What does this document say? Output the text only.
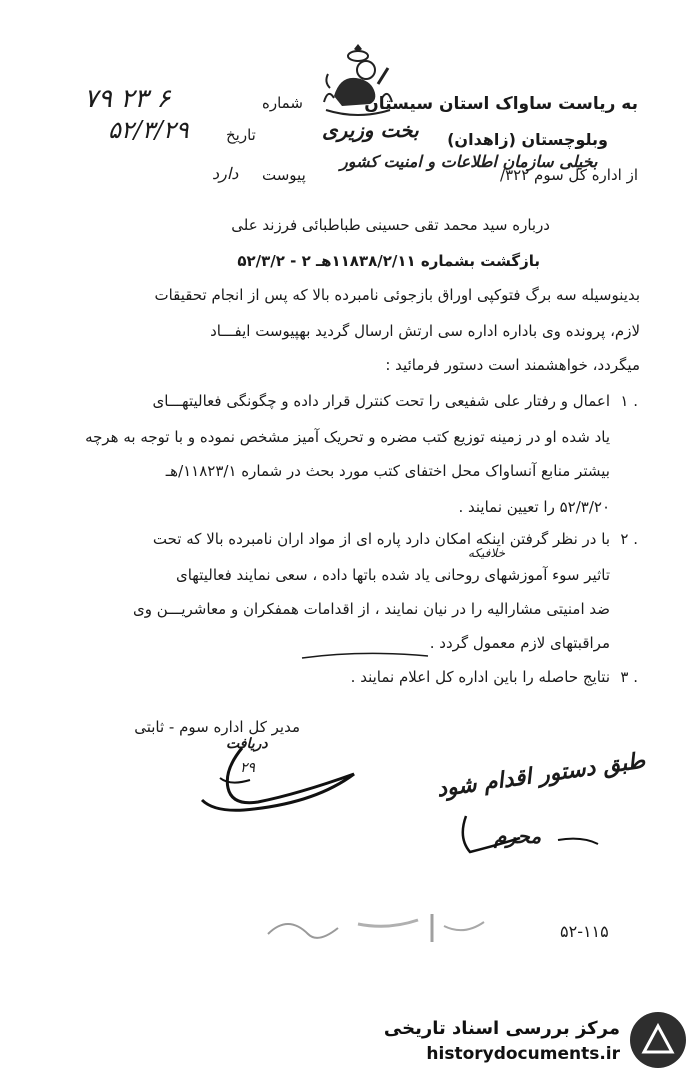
به ریاست ساواک استان سیستان
وبلوچستان (زاهدان)
از اداره کل سوم ۳۲۲/
بخت وزیری
بخیلی سازمان اطلاعات و امنیت کشور
شماره
۷۹ ۲۳ ۶
تاریخ
۵۲/۳/۲۹
پیوست
دارد
درباره سید محمد تقی حسینی طباطبائی فرزند علی
بازگشت بشماره ۱۱۸۳۸/۲/۱۱هـ ۲ - ۵۲/۳/۲
بدینوسیله سه برگ فتوکپی اوراق بازجوئی نامبرده بالا که پس از انجام تحقیقات
لازم، پرونده وی باداره اداره سی ارتش ارسال گردید بهپیوست ایفـــاد
میگردد، خواهشمند است دستور فرمائید :
۱ .
اعمال و رفتار علی شفیعی را تحت کنترل قرار داده و چگونگی فعالیتهـــای
یاد شده او در زمینه توزیع کتب مضره و تحریک آمیز مشخص نموده و با توجه به هرچه
بیشتر منابع آنساواک محل اختفای کتب مورد بحث در شماره ۱۱۸۲۳/۱/هـ
۵۲/۳/۲۰ را تعیین نمایند .
۲ .
با در نظر گرفتن اینکه امکان دارد پاره ای از مواد اران نامبرده بالا که تحت
خلافیکه
تاثیر سوء آموزشهای روحانی یاد شده باتها داده ، سعی نمایند فعالیتهای
ضد امنیتی مشارالیه را در نیان نمایند ، از اقدامات همفکران و معاشریـــن وی
مراقبتهای لازم معمول گردد .
۳ .
نتایج حاصله را باین اداره کل اعلام نمایند .
مدیر کل اداره سوم - ثابتی
دریافت
۲۹	طبق دستور اقدام شود
محرم
۵۲-۱۱۵
مرکز بررسی اسناد تاریخی
historydocuments.ir
